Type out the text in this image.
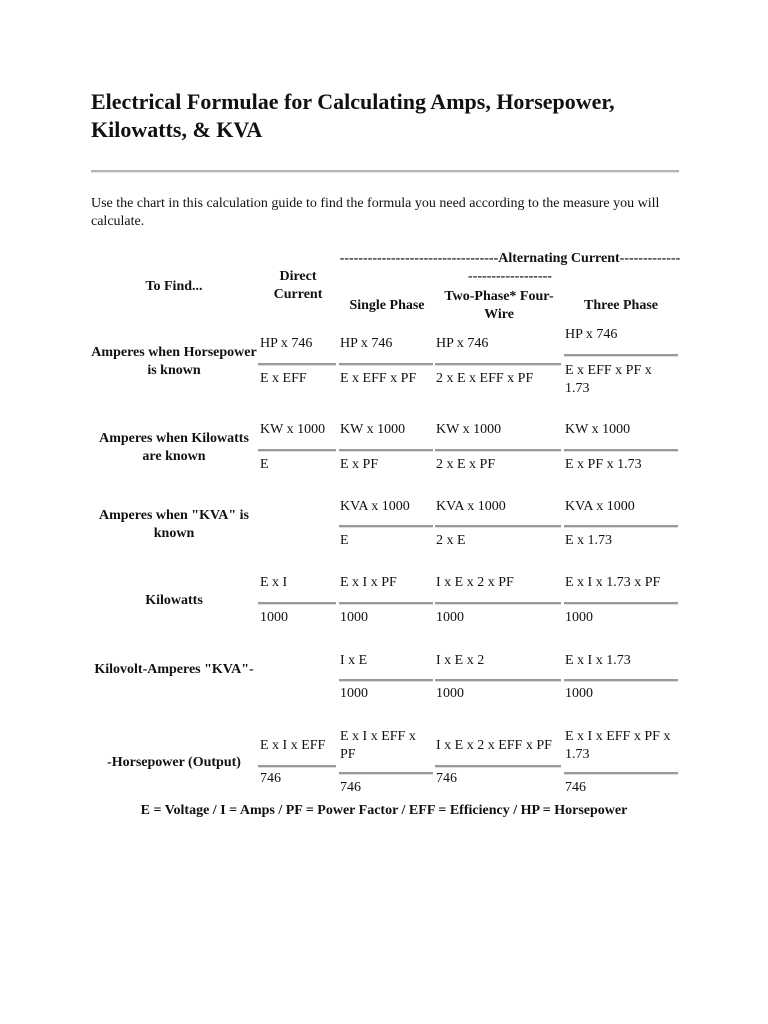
Electrical Formulae for Calculating Amps, Horsepower, Kilowatts, & KVA

Use the chart in this calculation guide to find the formula you need according to the measure you will calculate.

To Find...
Direct Current
----------------------------------Alternating Current-------------------------------
Single Phase
Two-Phase* Four-Wire
Three Phase
Amperes when Horsepower is known
HP x 746
E x EFF
HP x 746
E x EFF x PF
HP x 746
2 x E x EFF x PF
HP x 746
E x EFF x PF x 1.73
Amperes when Kilowatts are known
KW x 1000
E
KW x 1000
E x PF
KW x 1000
2 x E x PF
KW x 1000
E x PF x 1.73
Amperes when "KVA" is known
KVA x 1000
E
KVA x 1000
2 x E
KVA x 1000
E x 1.73
Kilowatts
E x I
1000
E x I x PF
1000
I x E x 2 x PF
1000
E x I x 1.73 x PF
1000
Kilovolt-Amperes "KVA"-
I x E
1000
I x E x 2
1000
E x I x 1.73
1000
-Horsepower (Output)
E x I x EFF
746
E x I x EFF x PF
746
I x E x 2 x EFF x PF
746
E x I x EFF x PF x 1.73
746
E = Voltage / I = Amps / PF = Power Factor / EFF = Efficiency / HP = Horsepower
